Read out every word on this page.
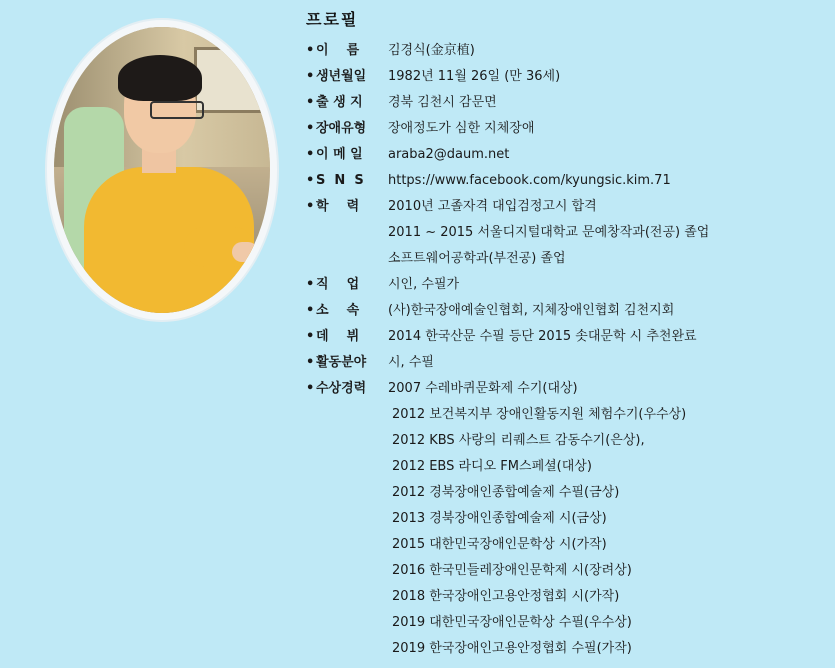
프로필
• 이    름	김경식(金京植)
• 생년월일	1982년 11월 26일 (만 36세)
• 출 생 지	경북 김천시 감문면
• 장애유형	장애정도가 심한 지체장애
• 이 메 일	araba2@daum.net
• S  N  S	https://www.facebook.com/kyungsic.kim.71
• 학    력	2010년 고졸자격 대입검정고시 합격
2011 ~ 2015 서울디지털대학교 문예창작과(전공) 졸업
소프트웨어공학과(부전공) 졸업
• 직    업	시인, 수필가
• 소    속	(사)한국장애예술인협회, 지체장애인협회 김천지회
• 데    뷔	2014 한국산문 수필 등단 2015 솟대문학 시 추천완료
• 활동분야	시, 수필
• 수상경력	2007 수레바퀴문화제 수기(대상)
2012 보건복지부 장애인활동지원 체험수기(우수상)
2012 KBS 사랑의 리퀘스트 감동수기(은상),
2012 EBS 라디오 FM스페셜(대상)
2012 경북장애인종합예술제 수필(금상)
2013 경북장애인종합예술제 시(금상)
2015 대한민국장애인문학상 시(가작)
2016 한국민들레장애인문학제 시(장려상)
2018 한국장애인고용안정협회 시(가작)
2019 대한민국장애인문학상 수필(우수상)
2019 한국장애인고용안정협회 수필(가작)
